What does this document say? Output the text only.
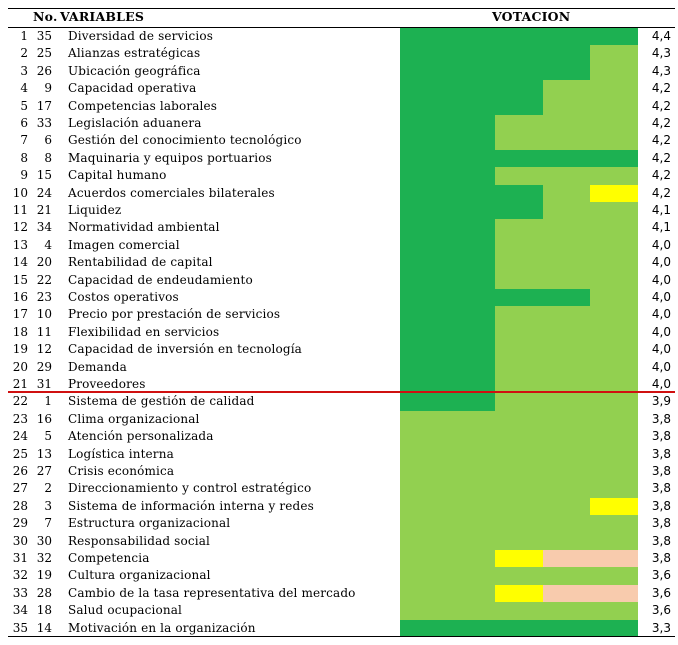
No. VARIABLES	VOTACION
1 35 Diversidad de servicios	4,4
2 25 Alianzas estratégicas	4,3
3 26 Ubicación geográfica	4,3
4	9 Capacidad operativa	4,2
5 17 Competencias laborales	4,2
6 33 Legislación aduanera	4,2
7	6 Gestión del conocimiento tecnológico	4,2
8	8 Maquinaria y equipos portuarios	4,2
9 15 Capital humano	4,2
10 24 Acuerdos comerciales bilaterales	4,2
11 21 Liquidez	4,1
12 34 Normatividad ambiental	4,1
13	4 Imagen comercial	4,0
14 20 Rentabilidad de capital	4,0
15 22 Capacidad de endeudamiento	4,0
16 23 Costos operativos	4,0
17 10 Precio por prestación de servicios	4,0
18 11 Flexibilidad en servicios	4,0
19 12 Capacidad de inversión en tecnología	4,0
20 29 Demanda	4,0
21 31 Proveedores	4,0
22	1 Sistema de gestión de calidad	3,9
23 16 Clima organizacional	3,8
24	5 Atención personalizada	3,8
25 13 Logística interna	3,8
26 27 Crisis económica	3,8
27	2 Direccionamiento y control estratégico	3,8
28	3 Sistema de información interna y redes	3,8
29	7 Estructura organizacional	3,8
30 30 Responsabilidad social	3,8
31 32 Competencia	3,8
32 19 Cultura organizacional	3,6
33 28 Cambio de la tasa representativa del mercado	3,6
34 18 Salud ocupacional	3,6
35 14 Motivación en la organización	3,3
